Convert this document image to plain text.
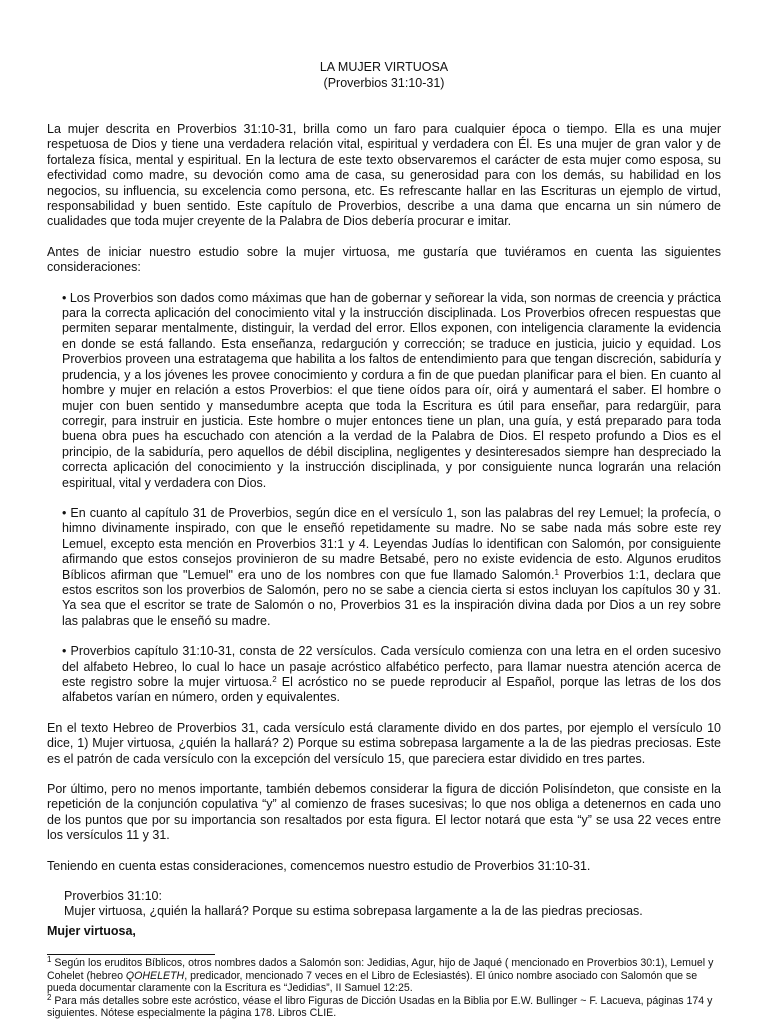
LA MUJER VIRTUOSA
(Proverbios 31:10-31)

La mujer descrita en Proverbios 31:10-31, brilla como un faro para cualquier época o tiempo. Ella es una mujer respetuosa de Dios y tiene una verdadera relación vital, espiritual y verdadera con Él. Es una mujer de gran valor y de fortaleza física, mental y espiritual. En la lectura de este texto observaremos el carácter de esta mujer como esposa, su efectividad como madre, su devoción como ama de casa, su generosidad para con los demás, su habilidad en los negocios, su influencia, su excelencia como persona, etc. Es refrescante hallar en las Escrituras un ejemplo de virtud, responsabilidad y buen sentido. Este capítulo de Proverbios, describe a una dama que encarna un sin número de cualidades que toda mujer creyente de la Palabra de Dios debería procurar e imitar.

Antes de iniciar nuestro estudio sobre la mujer virtuosa, me gustaría que tuviéramos en cuenta las siguientes consideraciones:

• Los Proverbios son dados como máximas que han de gobernar y señorear la vida, son normas de creencia y práctica para la correcta aplicación del conocimiento vital y la instrucción disciplinada. Los Proverbios ofrecen respuestas que permiten separar mentalmente, distinguir, la verdad del error. Ellos exponen, con inteligencia claramente la evidencia en donde se está fallando. Esta enseñanza, redargución y corrección; se traduce en justicia, juicio y equidad. Los Proverbios proveen una estratagema que habilita a los faltos de entendimiento para que tengan discreción, sabiduría y prudencia, y a los jóvenes les provee conocimiento y cordura a fin de que puedan planificar para el bien. En cuanto al hombre y mujer en relación a estos Proverbios: el que tiene oídos para oír, oirá y aumentará el saber. El hombre o mujer con buen sentido y mansedumbre acepta que toda la Escritura es útil para enseñar, para redargüir, para corregir, para instruir en justicia. Este hombre o mujer entonces tiene un plan, una guía, y está preparado para toda buena obra pues ha escuchado con atención a la verdad de la Palabra de Dios. El respeto profundo a Dios es el principio, de la sabiduría, pero aquellos de débil disciplina, negligentes y desinteresados siempre han despreciado la correcta aplicación del conocimiento y la instrucción disciplinada, y por consiguiente nunca lograrán una relación espiritual, vital y verdadera con Dios.

• En cuanto al capítulo 31 de Proverbios, según dice en el versículo 1, son las palabras del rey Lemuel; la profecía, o himno divinamente inspirado, con que le enseñó repetidamente su madre. No se sabe nada más sobre este rey Lemuel, excepto esta mención en Proverbios 31:1 y 4. Leyendas Judías lo identifican con Salomón, por consiguiente afirmando que estos consejos provinieron de su madre Betsabé, pero no existe evidencia de esto. Algunos eruditos Bíblicos afirman que "Lemuel" era uno de los nombres con que fue llamado Salomón.$^1$ Proverbios 1:1, declara que estos escritos son los proverbios de Salomón, pero no se sabe a ciencia cierta si estos incluyan los capítulos 30 y 31. Ya sea que el escritor se trate de Salomón o no, Proverbios 31 es la inspiración divina dada por Dios a un rey sobre las palabras que le enseñó su madre.

• Proverbios capítulo 31:10-31, consta de 22 versículos. Cada versículo comienza con una letra en el orden sucesivo del alfabeto Hebreo, lo cual lo hace un pasaje acróstico alfabético perfecto, para llamar nuestra atención acerca de este registro sobre la mujer virtuosa.$^2$ El acróstico no se puede reproducir al Español, porque las letras de los dos alfabetos varían en número, orden y equivalentes.

En el texto Hebreo de Proverbios 31, cada versículo está claramente divido en dos partes, por ejemplo el versículo 10 dice, 1) Mujer virtuosa, ¿quién la hallará? 2) Porque su estima sobrepasa largamente a la de las piedras preciosas. Este es el patrón de cada versículo con la excepción del versículo 15, que pareciera estar dividido en tres partes.

Por último, pero no menos importante, también debemos considerar la figura de dicción Polisíndeton, que consiste en la repetición de la conjunción copulativa “y” al comienzo de frases sucesivas; lo que nos obliga a detenernos en cada uno de los puntos que por su importancia son resaltados por esta figura. El lector notará que esta “y” se usa 22 veces entre los versículos 11 y 31.

Teniendo en cuenta estas consideraciones, comencemos nuestro estudio de Proverbios 31:10-31.

Proverbios 31:10:

Mujer virtuosa, ¿quién la hallará? Porque su estima sobrepasa largamente a la de las piedras preciosas.

Mujer virtuosa,

$^1$ Según los eruditos Bíblicos, otros nombres dados a Salomón son: Jedidias, Agur, hijo de Jaqué ( mencionado en Proverbios 30:1), Lemuel y Cohelet (hebreo QOHELETH, predicador, mencionado 7 veces en el Libro de Eclesiastés). El único nombre asociado con Salomón que se pueda documentar claramente con la Escritura es “Jedidias”, II Samuel 12:25.

$^2$ Para más detalles sobre este acróstico, véase el libro Figuras de Dicción Usadas en la Biblia por E.W. Bullinger ~ F. Lacueva, páginas 174 y siguientes. Nótese especialmente la página 178. Libros CLIE.
